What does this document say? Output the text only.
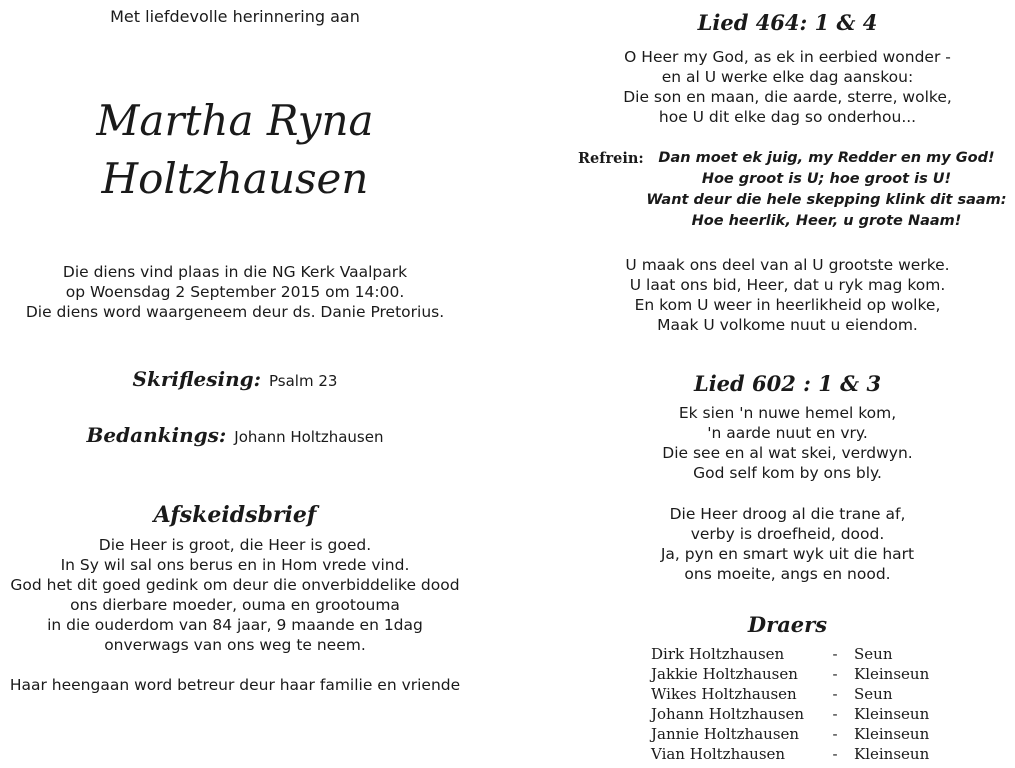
Met liefdevolle herinnering aan
Martha Ryna
Holtzhausen
Die diens vind plaas in die NG Kerk Vaalpark
op Woensdag 2 September 2015 om 14:00.
Die diens word waargeneem deur ds. Danie Pretorius.
Skriflesing: Psalm 23
Bedankings: Johann Holtzhausen
Afskeidsbrief
Die Heer is groot, die Heer is goed.
In Sy wil sal ons berus en in Hom vrede vind.
God het dit goed gedink om deur die onverbiddelike dood
ons dierbare moeder, ouma en grootouma
in die ouderdom van 84 jaar, 9 maande en 1dag
onverwags van ons weg te neem.
Haar heengaan word betreur deur haar familie en vriende
Lied 464: 1 & 4
O Heer my God, as ek in eerbied wonder -
en al U werke elke dag aanskou:
Die son en maan, die aarde, sterre, wolke,
hoe U dit elke dag so onderhou...
Refrein:	Dan moet ek juig, my Redder en my God!
Hoe groot is U; hoe groot is U!
Want deur die hele skepping klink dit saam:
Hoe heerlik, Heer, u grote Naam!
U maak ons deel van al U grootste werke.
U laat ons bid, Heer, dat u ryk mag kom.
En kom U weer in heerlikheid op wolke,
Maak U volkome nuut u eiendom.
Lied 602 : 1 & 3
Ek sien 'n nuwe hemel kom,
'n aarde nuut en vry.
Die see en al wat skei, verdwyn.
God self kom by ons bly.
Die Heer droog al die trane af,
verby is droefheid, dood.
Ja, pyn en smart wyk uit die hart
ons moeite, angs en nood.
Draers
Dirk Holtzhausen	-	Seun
Jakkie Holtzhausen	-	Kleinseun
Wikes Holtzhausen	-	Seun
Johann Holtzhausen	-	Kleinseun
Jannie Holtzhausen	-	Kleinseun
Vian Holtzhausen	-	Kleinseun
